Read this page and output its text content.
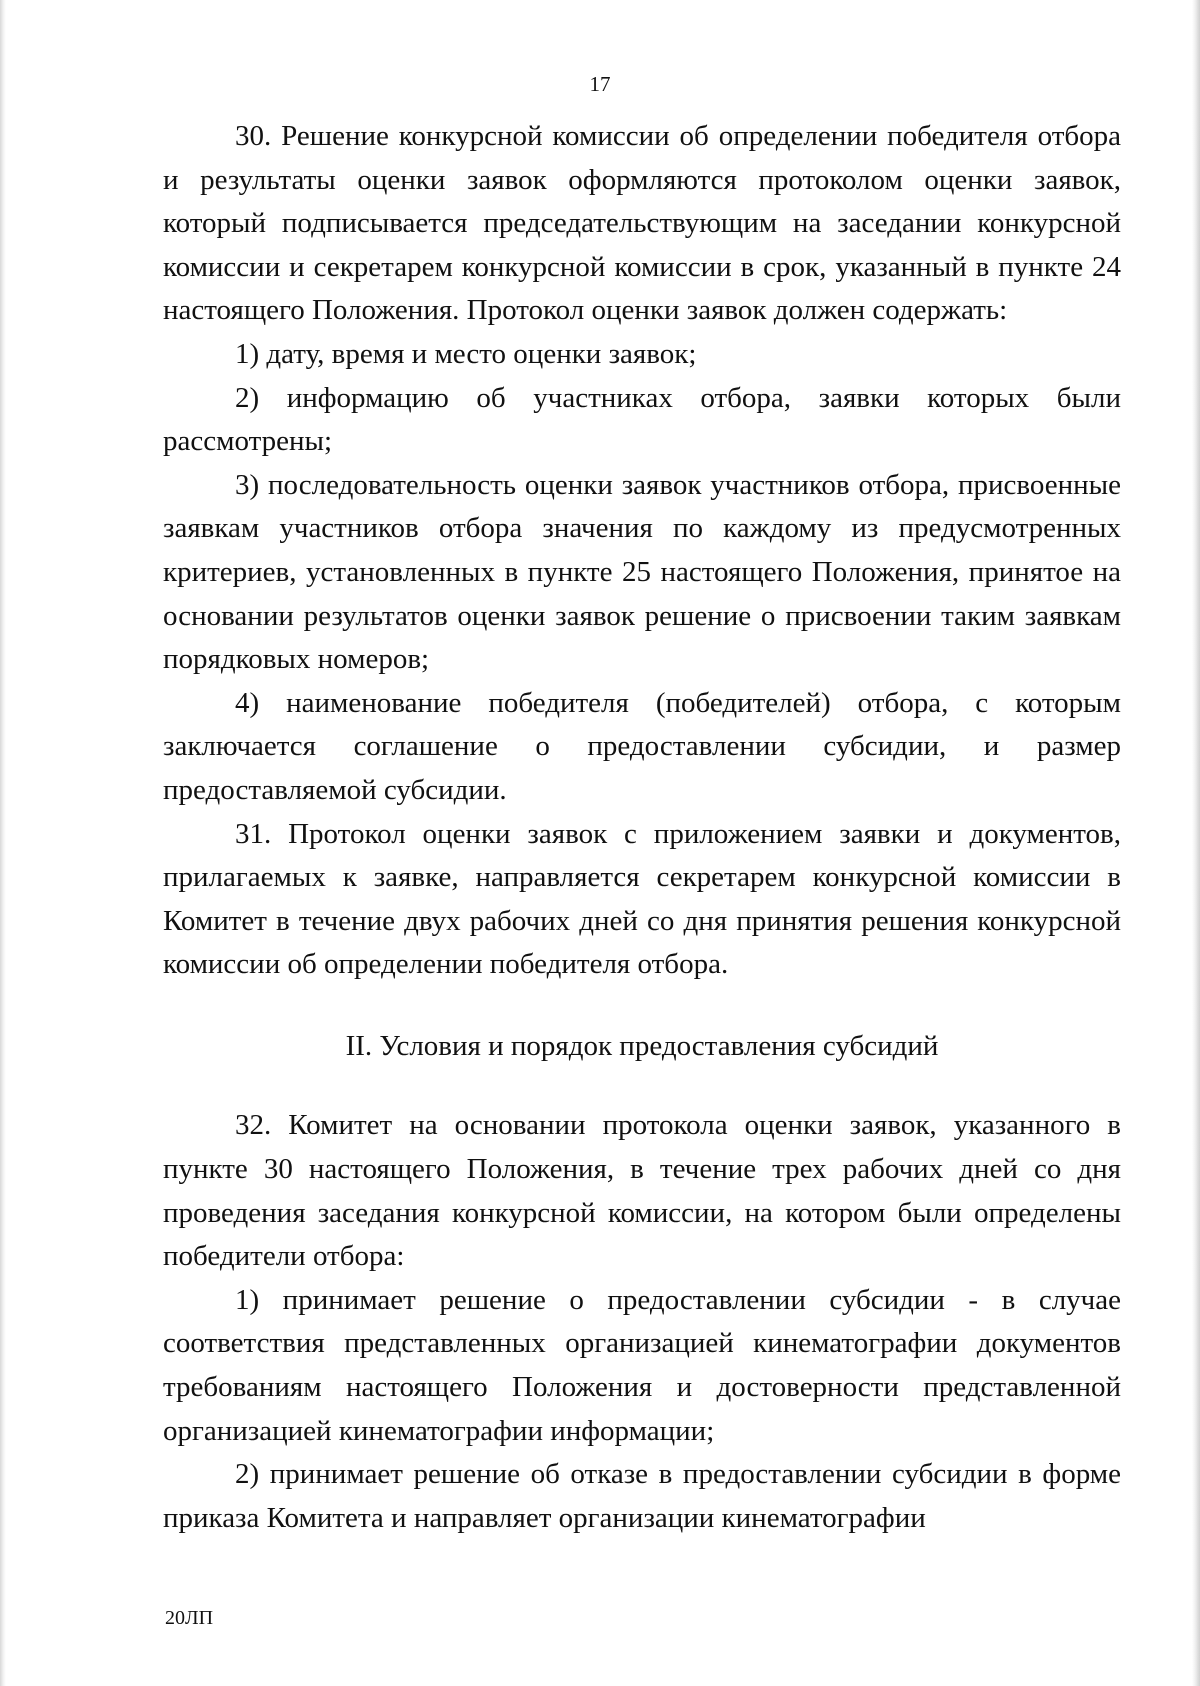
17

30. Решение конкурсной комиссии об определении победителя отбора и результаты оценки заявок оформляются протоколом оценки заявок, который подписывается председательствующим на заседании конкурсной комиссии и секретарем конкурсной комиссии в срок, указанный в пункте 24 настоящего Положения. Протокол оценки заявок должен содержать:

1) дату, время и место оценки заявок;

2) информацию об участниках отбора, заявки которых были рассмотрены;

3) последовательность оценки заявок участников отбора, присвоенные заявкам участников отбора значения по каждому из предусмотренных критериев, установленных в пункте 25 настоящего Положения, принятое на основании результатов оценки заявок решение о присвоении таким заявкам порядковых номеров;

4) наименование победителя (победителей) отбора, с которым заключается соглашение о предоставлении субсидии, и размер предоставляемой субсидии.

31. Протокол оценки заявок с приложением заявки и документов, прилагаемых к заявке, направляется секретарем конкурсной комиссии в Комитет в течение двух рабочих дней со дня принятия решения конкурсной комиссии об определении победителя отбора.

II. Условия и порядок предоставления субсидий

32. Комитет на основании протокола оценки заявок, указанного в пункте 30 настоящего Положения, в течение трех рабочих дней со дня проведения заседания конкурсной комиссии, на котором были определены победители отбора:

1) принимает решение о предоставлении субсидии - в случае соответствия представленных организацией кинематографии документов требованиям настоящего Положения и достоверности представленной организацией кинематографии информации;

2) принимает решение об отказе в предоставлении субсидии в форме приказа Комитета и направляет организации кинематографии

20ЛП
